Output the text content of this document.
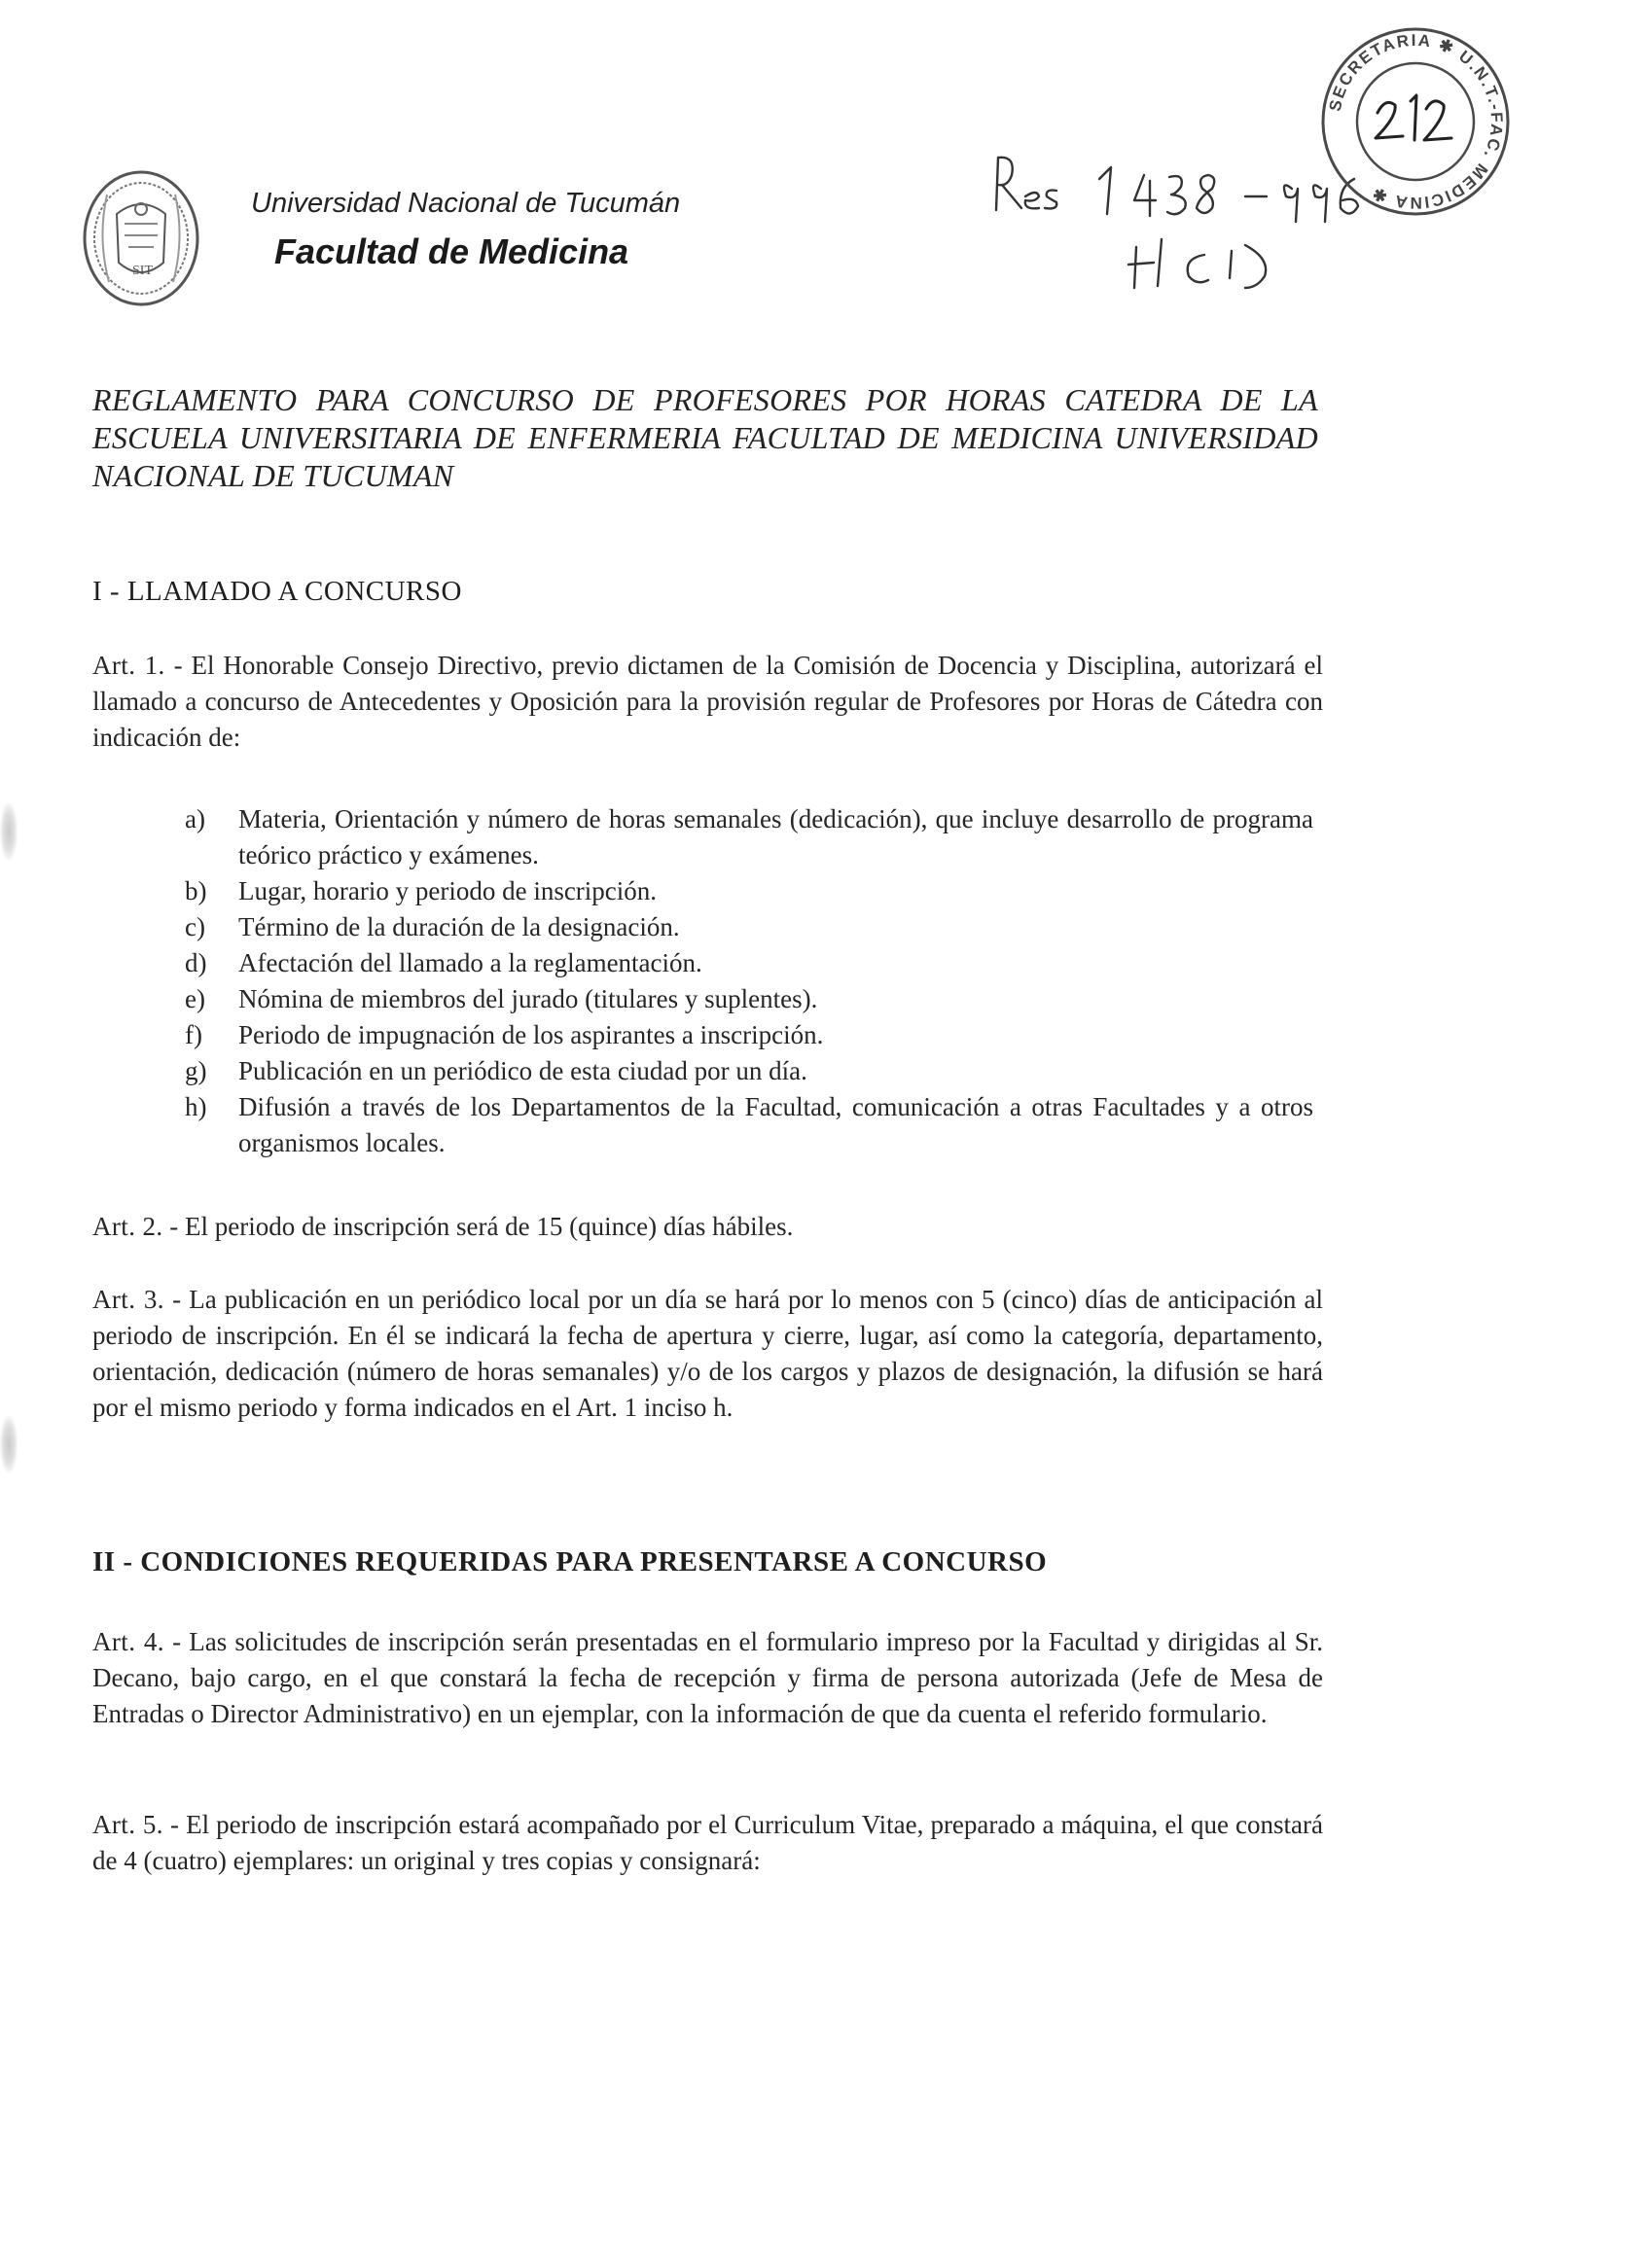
SIT
Universidad Nacional de Tucumán
Facultad de Medicina
SECRETARIA ✱ U.N.T.-FAC. MEDICINA ✱

REGLAMENTO PARA CONCURSO DE PROFESORES POR HORAS CATEDRA DE LA ESCUELA UNIVERSITARIA DE ENFERMERIA FACULTAD DE MEDICINA UNIVERSIDAD NACIONAL DE TUCUMAN

I - LLAMADO A CONCURSO

Art. 1. - El Honorable Consejo Directivo, previo dictamen de la Comisión de Docencia y Disciplina, autorizará el llamado a concurso de Antecedentes y Oposición para la provisión regular de Profesores por Horas de Cátedra con indicación de:

a) Materia, Orientación y número de horas semanales (dedicación), que incluye desarrollo de programa teórico práctico y exámenes.
b) Lugar, horario y periodo de inscripción.
c) Término de la duración de la designación.
d) Afectación del llamado a la reglamentación.
e) Nómina de miembros del jurado (titulares y suplentes).
f) Periodo de impugnación de los aspirantes a inscripción.
g) Publicación en un periódico de esta ciudad por un día.
h) Difusión a través de los Departamentos de la Facultad, comunicación a otras Facultades y a otros organismos locales.

Art. 2. - El periodo de inscripción será de 15 (quince) días hábiles.

Art. 3. - La publicación en un periódico local por un día se hará por lo menos con 5 (cinco) días de anticipación al periodo de inscripción. En él se indicará la fecha de apertura y cierre, lugar, así como la categoría, departamento, orientación, dedicación (número de horas semanales) y/o de los cargos y plazos de designación, la difusión se hará por el mismo periodo y forma indicados en el Art. 1 inciso h.

II - CONDICIONES REQUERIDAS PARA PRESENTARSE A CONCURSO

Art. 4. - Las solicitudes de inscripción serán presentadas en el formulario impreso por la Facultad y dirigidas al Sr. Decano, bajo cargo, en el que constará la fecha de recepción y firma de persona autorizada (Jefe de Mesa de Entradas o Director Administrativo) en un ejemplar, con la información de que da cuenta el referido formulario.

Art. 5. - El periodo de inscripción estará acompañado por el Curriculum Vitae, preparado a máquina, el que constará de 4 (cuatro) ejemplares: un original y tres copias y consignará:
